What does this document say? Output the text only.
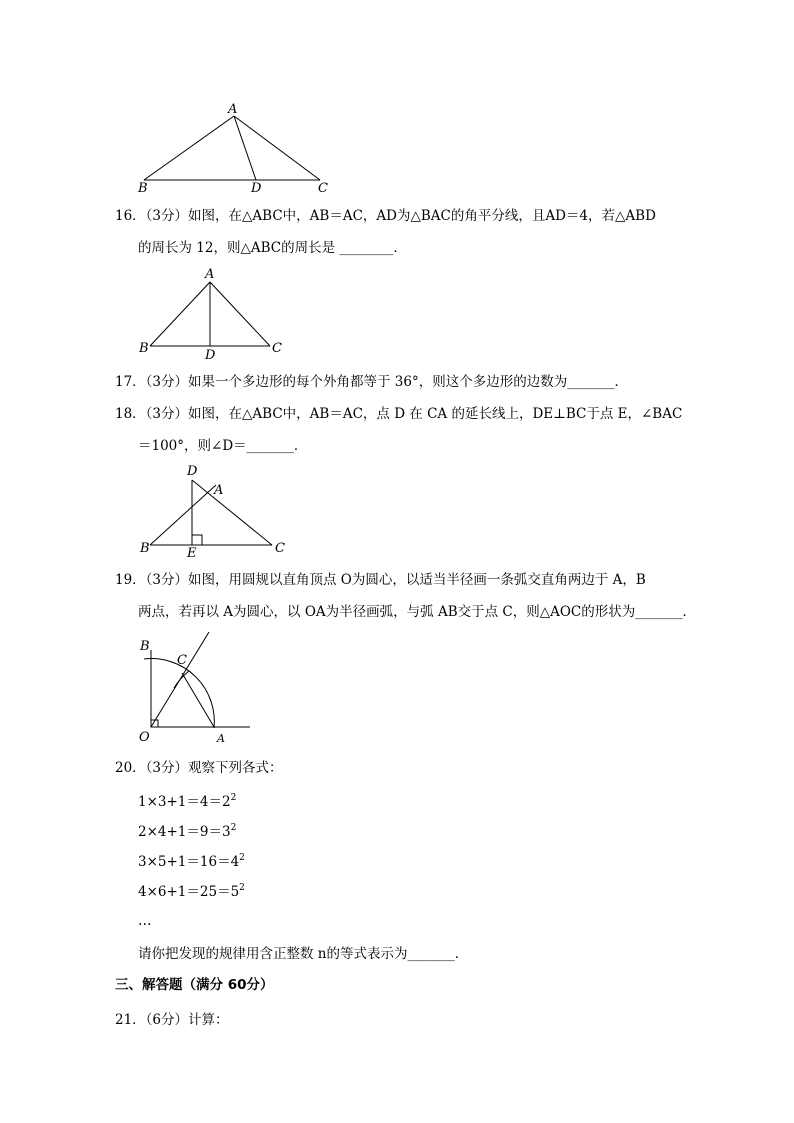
A
B	D	C
16．（3分）如图，在△ABC中，AB＝AC，AD为△BAC的角平分线，且AD＝4，若△ABD
的周长为 12，则△ABC的周长是 ________．
A
B	D	C
17．（3分）如果一个多边形的每个外角都等于 36°，则这个多边形的边数为_______．
18．（3分）如图，在△ABC中，AB＝AC，点 D 在 CA 的延长线上，DE⊥BC于点 E，∠BAC
＝100°，则∠D＝_______．
D
A
B	E	C
19．（3分）如图，用圆规以直角顶点 O为圆心，以适当半径画一条弧交直角两边于 A，B
两点，若再以 A为圆心，以 OA为半径画弧，与弧 AB交于点 C，则△AOC的形状为_______．
B
C
O	A
20．（3分）观察下列各式：
$1\times 3+1=4=2^2$
$2\times 4+1=9=3^2$
$3\times 5+1=16=4^2$
$4\times 6+1=25=5^2$
…
请你把发现的规律用含正整数 n的等式表示为_______．
三、解答题（满分 60分）
21．（6分）计算：
